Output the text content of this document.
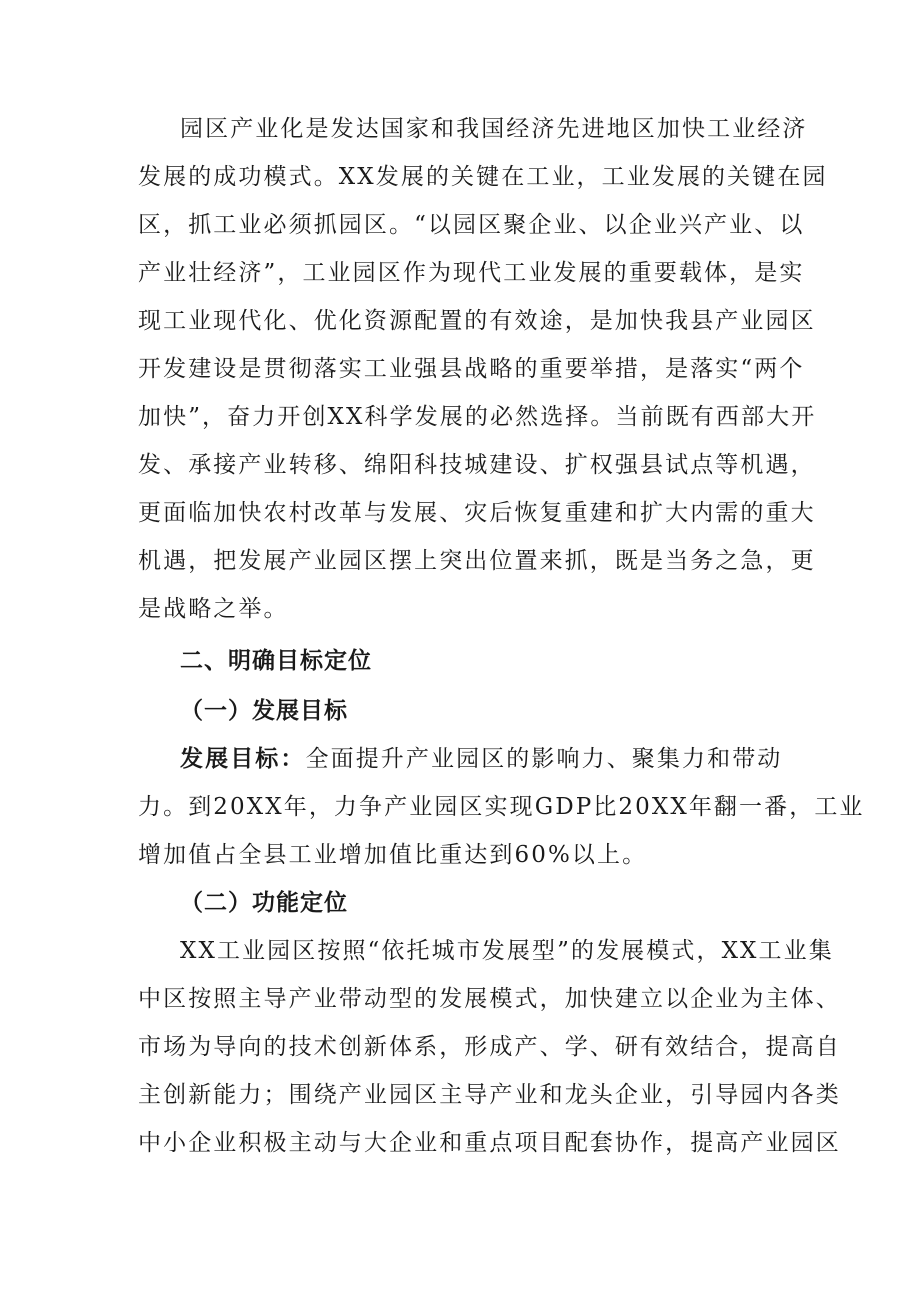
园区产业化是发达国家和我国经济先进地区加快工业经济
发展的成功模式。XX发展的关键在工业，工业发展的关键在园
区，抓工业必须抓园区。“以园区聚企业、以企业兴产业、以
产业壮经济”，工业园区作为现代工业发展的重要载体，是实
现工业现代化、优化资源配置的有效途，是加快我县产业园区
开发建设是贯彻落实工业强县战略的重要举措，是落实“两个
加快”，奋力开创XX科学发展的必然选择。当前既有西部大开
发、承接产业转移、绵阳科技城建设、扩权强县试点等机遇，
更面临加快农村改革与发展、灾后恢复重建和扩大内需的重大
机遇，把发展产业园区摆上突出位置来抓，既是当务之急，更
是战略之举。
二、明确目标定位
（一）发展目标
发展目标：全面提升产业园区的影响力、聚集力和带动
力。到20XX年，力争产业园区实现GDP比20XX年翻一番，工业
增加值占全县工业增加值比重达到60%以上。
（二）功能定位
XX工业园区按照“依托城市发展型”的发展模式，XX工业集
中区按照主导产业带动型的发展模式，加快建立以企业为主体、
市场为导向的技术创新体系，形成产、学、研有效结合，提高自
主创新能力；围绕产业园区主导产业和龙头企业，引导园内各类
中小企业积极主动与大企业和重点项目配套协作，提高产业园区
